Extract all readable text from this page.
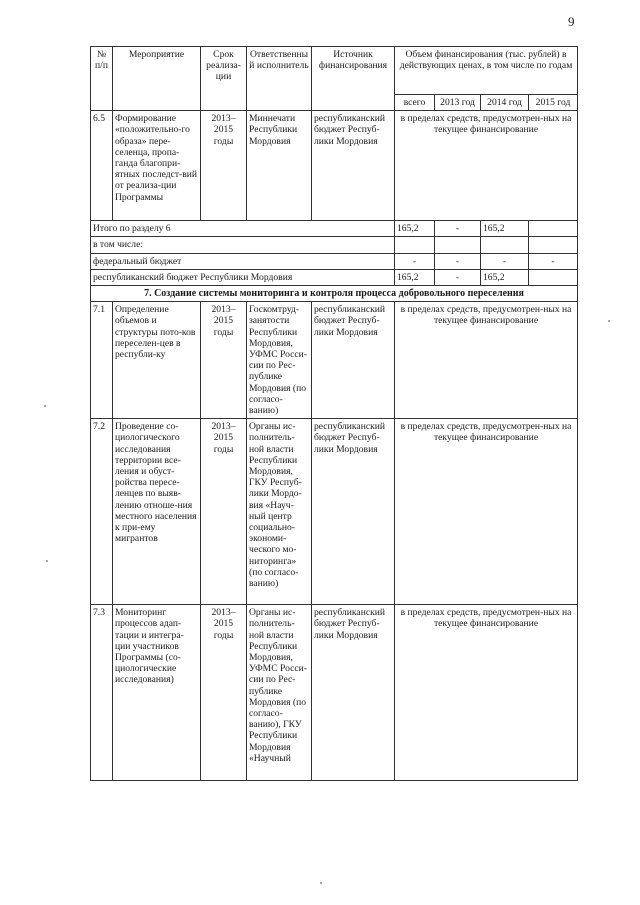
9
№ п/п	Мероприятие	Срок реализа-ции	Ответственный исполнитель	Источник финансирования	Объем финансирования (тыс. рублей) в действующих ценах, в том числе по годам			
					всего	2013 год	2014 год	2015 год
6.5	Формирование «положительно-го образа» пере-селенца, пропа-ганда благопри-ятных последст-вий от реализа-ции Программы	2013– 2015 годы	Миннечати Республики Мордовия	республиканский бюджет Респуб-лики Мордовия	в пределах средств, предусмотрен-ных на текущее финансирование			
Итого по разделу 6					165,2	-	165,2	
в том числе:								
федеральный бюджет					-	-	-	-
республиканский бюджет Республики Мордовия					165,2	-	165,2	
7. Создание системы мониторинга и контроля процесса добровольного переселения								
7.1	Определение объемов и структуры пото-ков переселен-цев в республи-ку	2013– 2015 годы	Госкомтруд-занятости Республики Мордовия, УФМС Росси-сии по Рес-публике Мордовия (по согласо-ванию)	республиканский бюджет Респуб-лики Мордовия	в пределах средств, предусмотрен-ных на текущее финансирование			
7.2	Проведение со-циологического исследования территории все-ления и обуст-ройства пересе-ленцев по выяв-лению отноше-ния местного населения к при-ему мигрантов	2013– 2015 годы	Органы ис-полнитель-ной власти Республики Мордовия, ГКУ Респуб-лики Мордо-вия «Науч-ный центр социально-экономи-ческого мо-ниторинга» (по согласо-ванию)	республиканский бюджет Респуб-лики Мордовия	в пределах средств, предусмотрен-ных на текущее финансирование			
7.3	Мониторинг процессов адап-тации и интегра-ции участников Программы (со-циологические исследования)	2013– 2015 годы	Органы ис-полнитель-ной власти Республики Мордовия, УФМС Росси-сии по Рес-публике Мордовия (по согласо-ванию), ГКУ Республики Мордовия «Научный	республиканский бюджет Респуб-лики Мордовия	в пределах средств, предусмотрен-ных на текущее финансирование			
